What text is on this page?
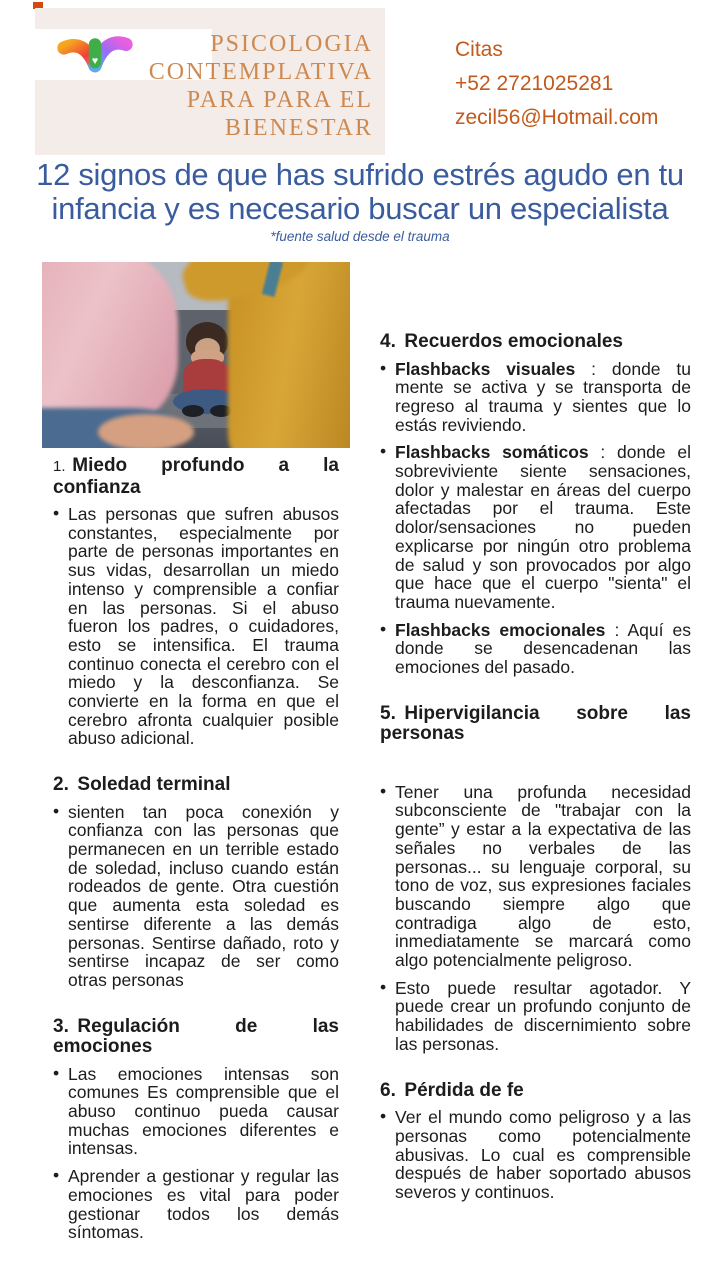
♥
PSICOLOGIA
CONTEMPLATIVA
PARA PARA EL
BIENESTAR
Citas
+52 2721025281
zecil56@Hotmail.com
12 signos de que has sufrido estrés agudo en tu
infancia y es necesario buscar un especialista
*fuente salud desde el trauma
1. Miedo profundo a la confianza
• Las personas que sufren abusos constantes, especialmente por parte de personas importantes en sus vidas, desarrollan un miedo intenso y comprensible a confiar en las personas. Si el abuso fueron los padres, o cuidadores, esto se intensifica. El trauma continuo conecta el cerebro con el miedo y la desconfianza. Se convierte en la forma en que el cerebro afronta cualquier posible abuso adicional.
2. Soledad terminal
• sienten tan poca conexión y confianza con las personas que permanecen en un terrible estado de soledad, incluso cuando están rodeados de gente. Otra cuestión que aumenta esta soledad es sentirse diferente a las demás personas. Sentirse dañado, roto y sentirse incapaz de ser como otras personas
3. Regulación de las emociones
• Las emociones intensas son comunes Es comprensible que el abuso continuo pueda causar muchas emociones diferentes e intensas.
• Aprender a gestionar y regular las emociones es vital para poder gestionar todos los demás síntomas.
4. Recuerdos emocionales
• Flashbacks visuales : donde tu mente se activa y se transporta de regreso al trauma y sientes que lo estás reviviendo.
• Flashbacks somáticos : donde el sobreviviente siente sensaciones, dolor y malestar en áreas del cuerpo afectadas por el trauma. Este dolor/sensaciones no pueden explicarse por ningún otro problema de salud y son provocados por algo que hace que el cuerpo "sienta" el trauma nuevamente.
• Flashbacks emocionales : Aquí es donde se desencadenan las emociones del pasado.
5. Hipervigilancia sobre las personas
• Tener una profunda necesidad subconsciente de "trabajar con la gente” y estar a la expectativa de las señales no verbales de las personas... su lenguaje corporal, su tono de voz, sus expresiones faciales buscando siempre algo que contradiga algo de esto, inmediatamente se marcará como algo potencialmente peligroso.
• Esto puede resultar agotador. Y puede crear un profundo conjunto de habilidades de discernimiento sobre las personas.
6. Pérdida de fe
• Ver el mundo como peligroso y a las personas como potencialmente abusivas. Lo cual es comprensible después de haber soportado abusos severos y continuos.
